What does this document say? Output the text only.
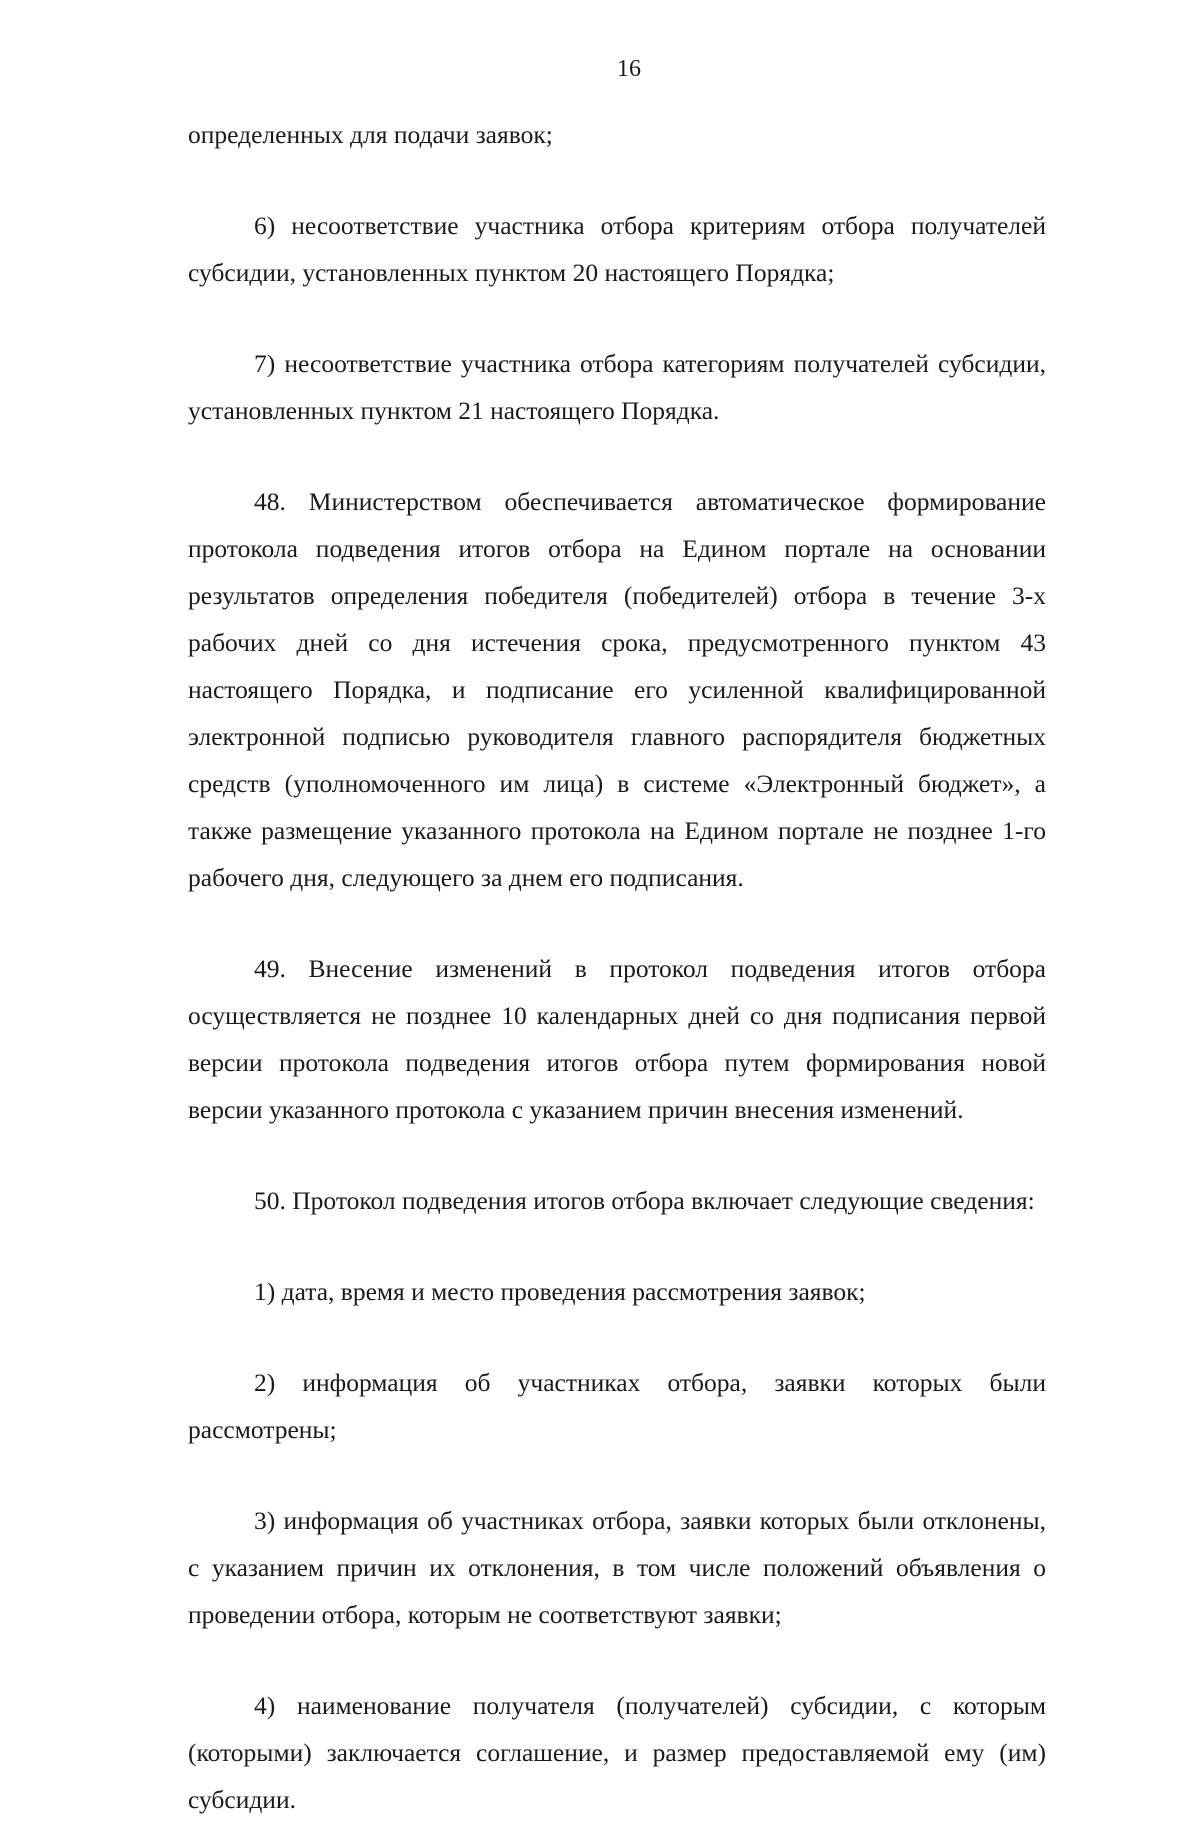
16

определенных для подачи заявок;

6) несоответствие участника отбора критериям отбора получателей субсидии, установленных пунктом 20 настоящего Порядка;

7) несоответствие участника отбора категориям получателей субсидии, установленных пунктом 21 настоящего Порядка.

48. Министерством обеспечивается автоматическое формирование протокола подведения итогов отбора на Едином портале на основании результатов определения победителя (победителей) отбора в течение 3-х рабочих дней со дня истечения срока, предусмотренного пунктом 43 настоящего Порядка, и подписание его усиленной квалифицированной электронной подписью руководителя главного распорядителя бюджетных средств (уполномоченного им лица) в системе «Электронный бюджет», а также размещение указанного протокола на Едином портале не позднее 1-го рабочего дня, следующего за днем его подписания.

49. Внесение изменений в протокол подведения итогов отбора осуществляется не позднее 10 календарных дней со дня подписания первой версии протокола подведения итогов отбора путем формирования новой версии указанного протокола с указанием причин внесения изменений.

50. Протокол подведения итогов отбора включает следующие сведения:

1) дата, время и место проведения рассмотрения заявок;

2) информация об участниках отбора, заявки которых были рассмотрены;

3) информация об участниках отбора, заявки которых были отклонены, с указанием причин их отклонения, в том числе положений объявления о проведении отбора, которым не соответствуют заявки;

4) наименование получателя (получателей) субсидии, с которым (которыми) заключается соглашение, и размер предоставляемой ему (им) субсидии.
